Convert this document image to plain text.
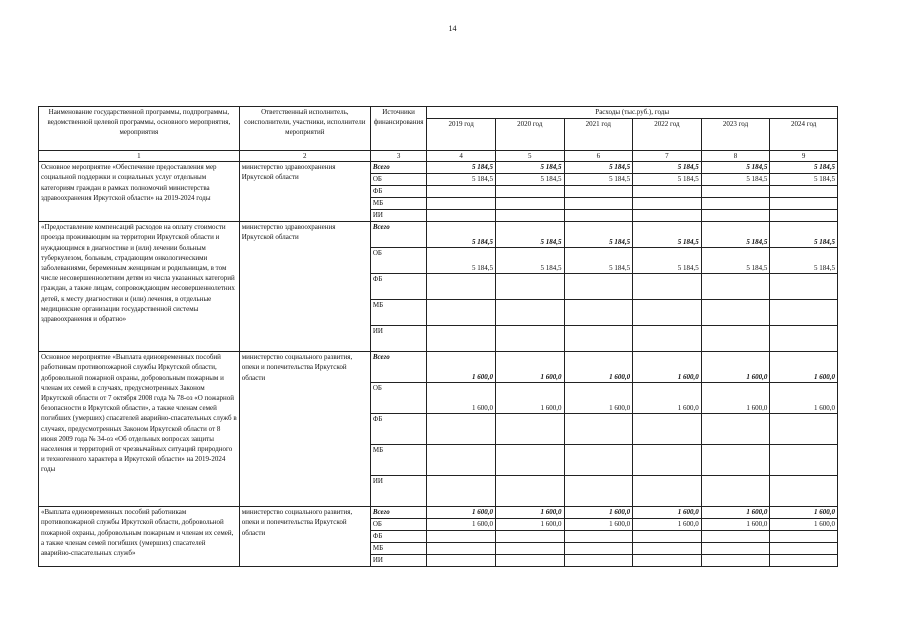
14
Наименование государственной программы, подпрограммы, ведомственной целевой программы, основного мероприятия, мероприятия	Ответственный исполнитель, соисполнители, участники, исполнители мероприятий	Источники финансирования	Расходы (тыс.руб.), годы					
			2019 год	2020 год	2021 год	2022 год	2023 год	2024 год
1	2	3	4	5	6	7	8	9
Основное мероприятие «Обеспечение предоставления мер социальной поддержки и социальных услуг отдельным категориям граждан в рамках полномочий министерства здравоохранения Иркутской области» на 2019-2024 годы	министерство здравоохранения Иркутской области	Всего	5 184,5	5 184,5	5 184,5	5 184,5	5 184,5	5 184,5
		ОБ	5 184,5	5 184,5	5 184,5	5 184,5	5 184,5	5 184,5
		ФБ						
		МБ						
		ИИ						
«Предоставление компенсаций расходов на оплату стоимости проезда проживающим на территории Иркутской области и нуждающимся в диагностике и (или) лечении больным туберкулезом, больным, страдающим онкологическими заболеваниями, беременным женщинам и родильницам, в том числе несовершеннолетним детям из числа указанных категорий граждан, а также лицам, сопровождающим несовершеннолетних детей, к месту диагностики и (или) лечения, в отдельные медицинские организации государственной системы здравоохранения и обратно»	министерство здравоохранения Иркутской области	Всего	5 184,5	5 184,5	5 184,5	5 184,5	5 184,5	5 184,5
		ОБ	5 184,5	5 184,5	5 184,5	5 184,5	5 184,5	5 184,5
		ФБ						
		МБ						
		ИИ						
Основное мероприятие «Выплата единовременных пособий работникам противопожарной службы Иркутской области, добровольной пожарной охраны, добровольным пожарным и членам их семей в случаях, предусмотренных Законом Иркутской области от 7 октября 2008 года № 78-оз «О пожарной безопасности в Иркутской области», а также членам семей погибших (умерших) спасателей аварийно-спасательных служб в случаях, предусмотренных Законом Иркутской области от 8 июня 2009 года № 34-оз «Об отдельных вопросах защиты населения и территорий от чрезвычайных ситуаций природного и техногенного характера в Иркутской области» на 2019-2024 годы	министерство социального развития, опеки и попечительства Иркутской области	Всего	1 600,0	1 600,0	1 600,0	1 600,0	1 600,0	1 600,0
		ОБ	1 600,0	1 600,0	1 600,0	1 600,0	1 600,0	1 600,0
		ФБ						
		МБ						
		ИИ						
«Выплата единовременных пособий работникам противопожарной службы Иркутской области, добровольной пожарной охраны, добровольным пожарным и членам их семей, а также членам семей погибших (умерших) спасателей аварийно-спасательных служб»	министерство социального развития, опеки и попечительства Иркутской области	Всего	1 600,0	1 600,0	1 600,0	1 600,0	1 600,0	1 600,0
		ОБ	1 600,0	1 600,0	1 600,0	1 600,0	1 600,0	1 600,0
		ФБ						
		МБ						
		ИИ						
